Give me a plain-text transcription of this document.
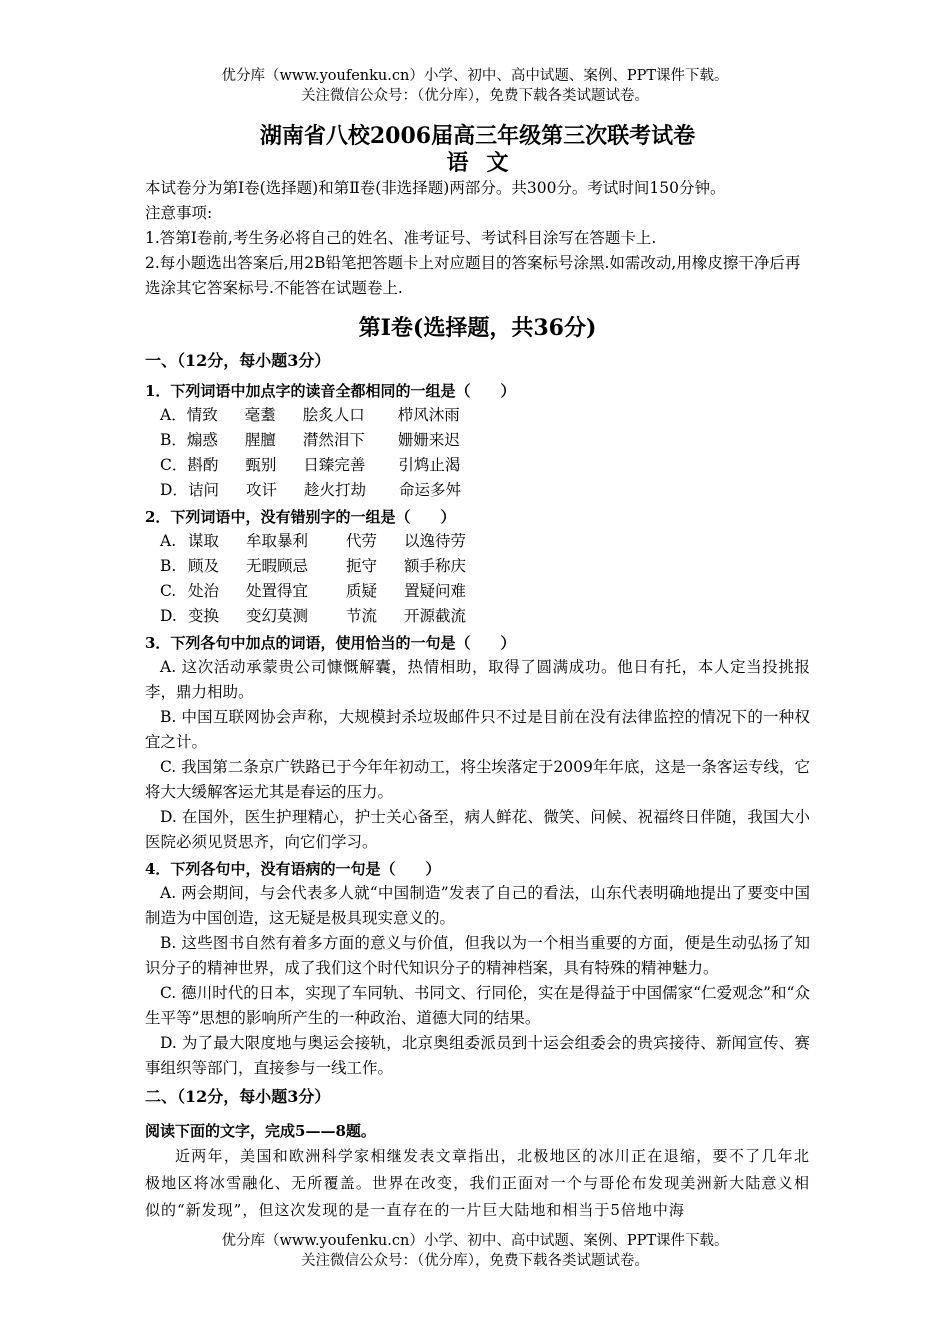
优分库（www.youfenku.cn）小学、初中、高中试题、案例、PPT课件下载。
关注微信公众号：（优分库），免费下载各类试题试卷。
湖南省八校2006届高三年级第三次联考试卷
语文

本试卷分为第Ⅰ卷(选择题)和第Ⅱ卷(非选择题)两部分。共300分。考试时间150分钟。

注意事项:

1.答第Ⅰ卷前,考生务必将自己的姓名、准考证号、考试科目涂写在答题卡上.

2.每小题选出答案后,用2B铅笔把答题卡上对应题目的答案标号涂黑.如需改动,用橡皮擦干净后再选涂其它答案标号.不能答在试题卷上.

第Ⅰ卷(选择题，共36分)
一、（12分，每小题3分）
1．下列词语中加点字的读音全都相同的一组是（　　）
A．情致 毫耋 脍炙人口 栉风沐雨
B．煽惑 腥膻 潸然泪下 姗姗来迟
C．斟酌 甄别 日臻完善 引鸩止渴
D．诘问 攻讦 趁火打劫 命运多舛
2．下列词语中，没有错别字的一组是（　　）
A. 谋取 牟取暴利 代劳 以逸待劳
B. 顾及 无暇顾忌 扼守 额手称庆
C. 处治 处置得宜 质疑 置疑问难
D. 变换 变幻莫测 节流 开源截流
3．下列各句中加点的词语，使用恰当的一句是（　　）

A. 这次活动承蒙贵公司慷慨解囊，热情相助，取得了圆满成功。他日有托，本人定当投挑报李，鼎力相助。

B. 中国互联网协会声称，大规模封杀垃圾邮件只不过是目前在没有法律监控的情况下的一种权宜之计。

C. 我国第二条京广铁路已于今年年初动工，将尘埃落定于2009年年底，这是一条客运专线，它将大大缓解客运尤其是春运的压力。

D. 在国外，医生护理精心，护士关心备至，病人鲜花、微笑、问候、祝福终日伴随，我国大小医院必须见贤思齐，向它们学习。

4．下列各句中，没有语病的一句是（　　）

A. 两会期间，与会代表多人就“中国制造”发表了自己的看法，山东代表明确地提出了要变中国制造为中国创造，这无疑是极具现实意义的。

B. 这些图书自然有着多方面的意义与价值，但我以为一个相当重要的方面，便是生动弘扬了知识分子的精神世界，成了我们这个时代知识分子的精神档案，具有特殊的精神魅力。

C. 德川时代的日本，实现了车同轨、书同文、行同伦，实在是得益于中国儒家“仁爱观念”和“众生平等”思想的影响所产生的一种政治、道德大同的结果。

D. 为了最大限度地与奥运会接轨，北京奥组委派员到十运会组委会的贵宾接待、新闻宣传、赛事组织等部门，直接参与一线工作。

二、（12分，每小题3分）
阅读下面的文字，完成5——8题。

近两年，美国和欧洲科学家相继发表文章指出，北极地区的冰川正在退缩，要不了几年北极地区将冰雪融化、无所覆盖。世界在改变，我们正面对一个与哥伦布发现美洲新大陆意义相似的“新发现”，但这次发现的是一直存在的一片巨大陆地和相当于5倍地中海

优分库（www.youfenku.cn）小学、初中、高中试题、案例、PPT课件下载。
关注微信公众号：（优分库），免费下载各类试题试卷。
